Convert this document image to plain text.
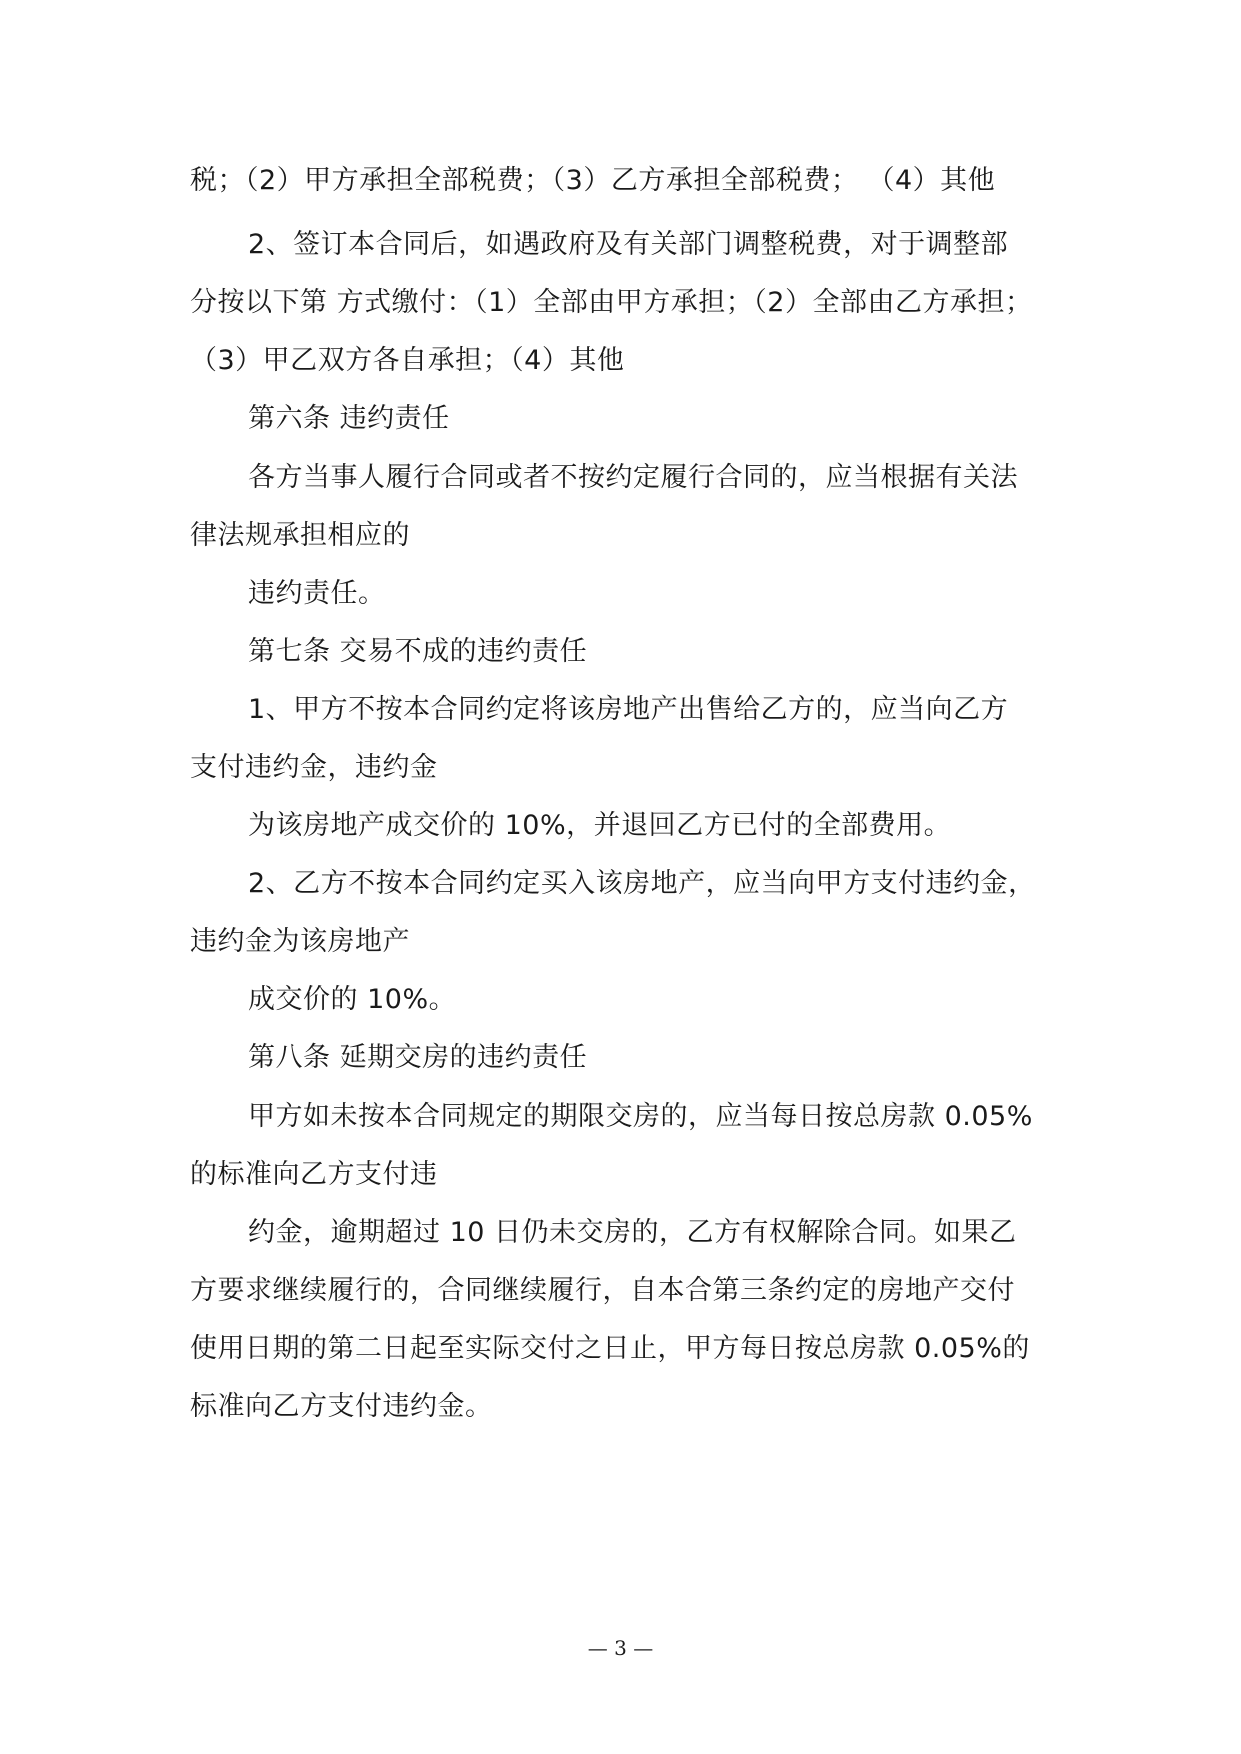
税；（2）甲方承担全部税费；（3）乙方承担全部税费； （4）其他
2、签订本合同后，如遇政府及有关部门调整税费，对于调整部
分按以下第 方式缴付：（1）全部由甲方承担；（2）全部由乙方承担；
（3）甲乙双方各自承担；（4）其他
第六条 违约责任
各方当事人履行合同或者不按约定履行合同的，应当根据有关法
律法规承担相应的
违约责任。
第七条 交易不成的违约责任
1、甲方不按本合同约定将该房地产出售给乙方的，应当向乙方
支付违约金，违约金
为该房地产成交价的 10%，并退回乙方已付的全部费用。
2、乙方不按本合同约定买入该房地产，应当向甲方支付违约金，
违约金为该房地产
成交价的 10%。
第八条 延期交房的违约责任
甲方如未按本合同规定的期限交房的，应当每日按总房款 0.05%
的标准向乙方支付违
约金，逾期超过 10 日仍未交房的，乙方有权解除合同。如果乙
方要求继续履行的，合同继续履行，自本合第三条约定的房地产交付
使用日期的第二日起至实际交付之日止，甲方每日按总房款 0.05%的
标准向乙方支付违约金。
— 3 —
